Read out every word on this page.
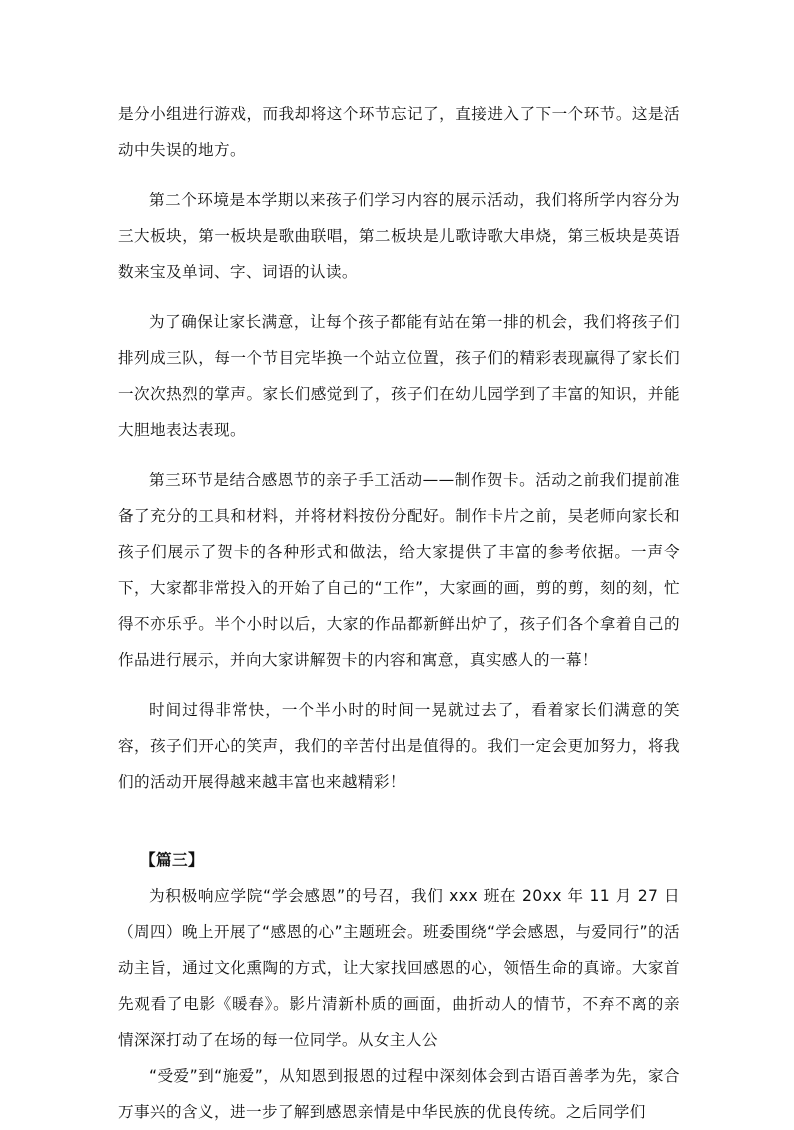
是分小组进行游戏，而我却将这个环节忘记了，直接进入了下一个环节。这是活动中失误的地方。

第二个环境是本学期以来孩子们学习内容的展示活动，我们将所学内容分为三大板块，第一板块是歌曲联唱，第二板块是儿歌诗歌大串烧，第三板块是英语数来宝及单词、字、词语的认读。

为了确保让家长满意，让每个孩子都能有站在第一排的机会，我们将孩子们排列成三队，每一个节目完毕换一个站立位置，孩子们的精彩表现赢得了家长们一次次热烈的掌声。家长们感觉到了，孩子们在幼儿园学到了丰富的知识，并能大胆地表达表现。

第三环节是结合感恩节的亲子手工活动——制作贺卡。活动之前我们提前准备了充分的工具和材料，并将材料按份分配好。制作卡片之前，吴老师向家长和孩子们展示了贺卡的各种形式和做法，给大家提供了丰富的参考依据。一声令下，大家都非常投入的开始了自己的“工作”，大家画的画，剪的剪，刻的刻，忙得不亦乐乎。半个小时以后，大家的作品都新鲜出炉了，孩子们各个拿着自己的作品进行展示，并向大家讲解贺卡的内容和寓意，真实感人的一幕！

时间过得非常快，一个半小时的时间一晃就过去了，看着家长们满意的笑容，孩子们开心的笑声，我们的辛苦付出是值得的。我们一定会更加努力，将我们的活动开展得越来越丰富也来越精彩！

【篇三】

为积极响应学院“学会感恩”的号召，我们 xxx 班在 20xx 年 11 月 27 日（周四）晚上开展了“感恩的心”主题班会。班委围绕“学会感恩，与爱同行”的活动主旨，通过文化熏陶的方式，让大家找回感恩的心，领悟生命的真谛。大家首先观看了电影《暖春》。影片清新朴质的画面，曲折动人的情节，不弃不离的亲情深深打动了在场的每一位同学。从女主人公

“受爱”到“施爱”，从知恩到报恩的过程中深刻体会到古语百善孝为先，家合万事兴的含义，进一步了解到感恩亲情是中华民族的优良传统。之后同学们
